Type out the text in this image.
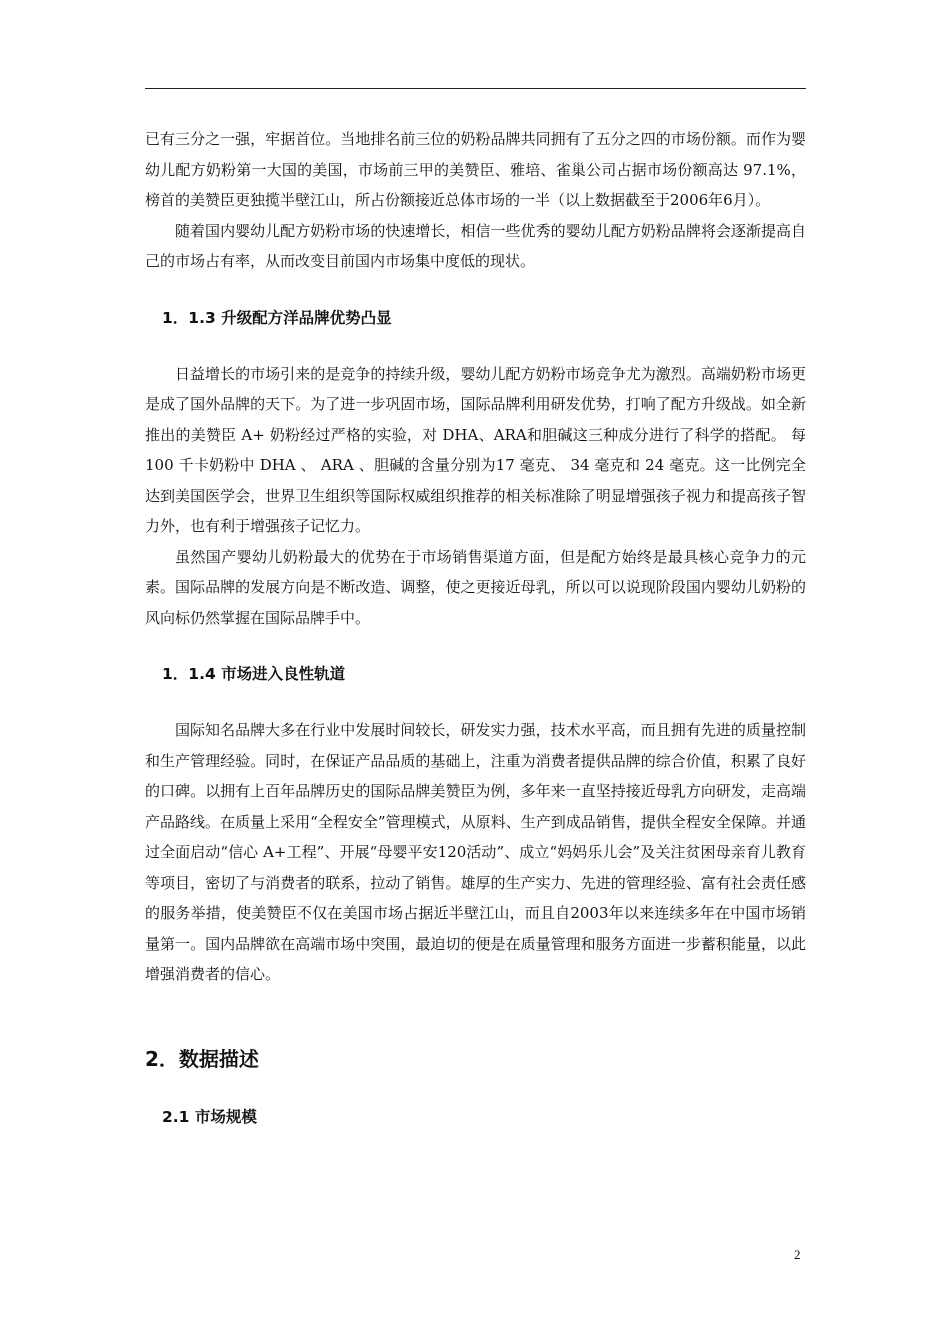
已有三分之一强，牢据首位。当地排名前三位的奶粉品牌共同拥有了五分之四的市场份额。而作为婴幼儿配方奶粉第一大国的美国，市场前三甲的美赞臣、雅培、雀巢公司占据市场份额高达 97.1%，榜首的美赞臣更独揽半壁江山，所占份额接近总体市场的一半（以上数据截至于2006年6月）。

随着国内婴幼儿配方奶粉市场的快速增长，相信一些优秀的婴幼儿配方奶粉品牌将会逐渐提高自己的市场占有率，从而改变目前国内市场集中度低的现状。

1．1.3 升级配方洋品牌优势凸显

日益增长的市场引来的是竞争的持续升级，婴幼儿配方奶粉市场竞争尤为激烈。高端奶粉市场更是成了国外品牌的天下。为了进一步巩固市场，国际品牌利用研发优势，打响了配方升级战。如全新推出的美赞臣 A+ 奶粉经过严格的实验，对 DHA、ARA和胆碱这三种成分进行了科学的搭配。 每 100 千卡奶粉中 DHA 、 ARA 、胆碱的含量分别为17 毫克、 34 毫克和 24 毫克。这一比例完全达到美国医学会，世界卫生组织等国际权威组织推荐的相关标准除了明显增强孩子视力和提高孩子智力外，也有利于增强孩子记忆力。

虽然国产婴幼儿奶粉最大的优势在于市场销售渠道方面，但是配方始终是最具核心竞争力的元素。国际品牌的发展方向是不断改造、调整，使之更接近母乳，所以可以说现阶段国内婴幼儿奶粉的风向标仍然掌握在国际品牌手中。

1．1.4 市场进入良性轨道

国际知名品牌大多在行业中发展时间较长，研发实力强，技术水平高，而且拥有先进的质量控制和生产管理经验。同时，在保证产品品质的基础上，注重为消费者提供品牌的综合价值，积累了良好的口碑。以拥有上百年品牌历史的国际品牌美赞臣为例，多年来一直坚持接近母乳方向研发，走高端产品路线。在质量上采用“全程安全”管理模式，从原料、生产到成品销售，提供全程安全保障。并通过全面启动“信心 A+工程”、开展“母婴平安120活动”、成立“妈妈乐儿会”及关注贫困母亲育儿教育等项目，密切了与消费者的联系，拉动了销售。雄厚的生产实力、先进的管理经验、富有社会责任感的服务举措，使美赞臣不仅在美国市场占据近半壁江山，而且自2003年以来连续多年在中国市场销量第一。国内品牌欲在高端市场中突围，最迫切的便是在质量管理和服务方面进一步蓄积能量，以此增强消费者的信心。

2．数据描述
2.1 市场规模
2
